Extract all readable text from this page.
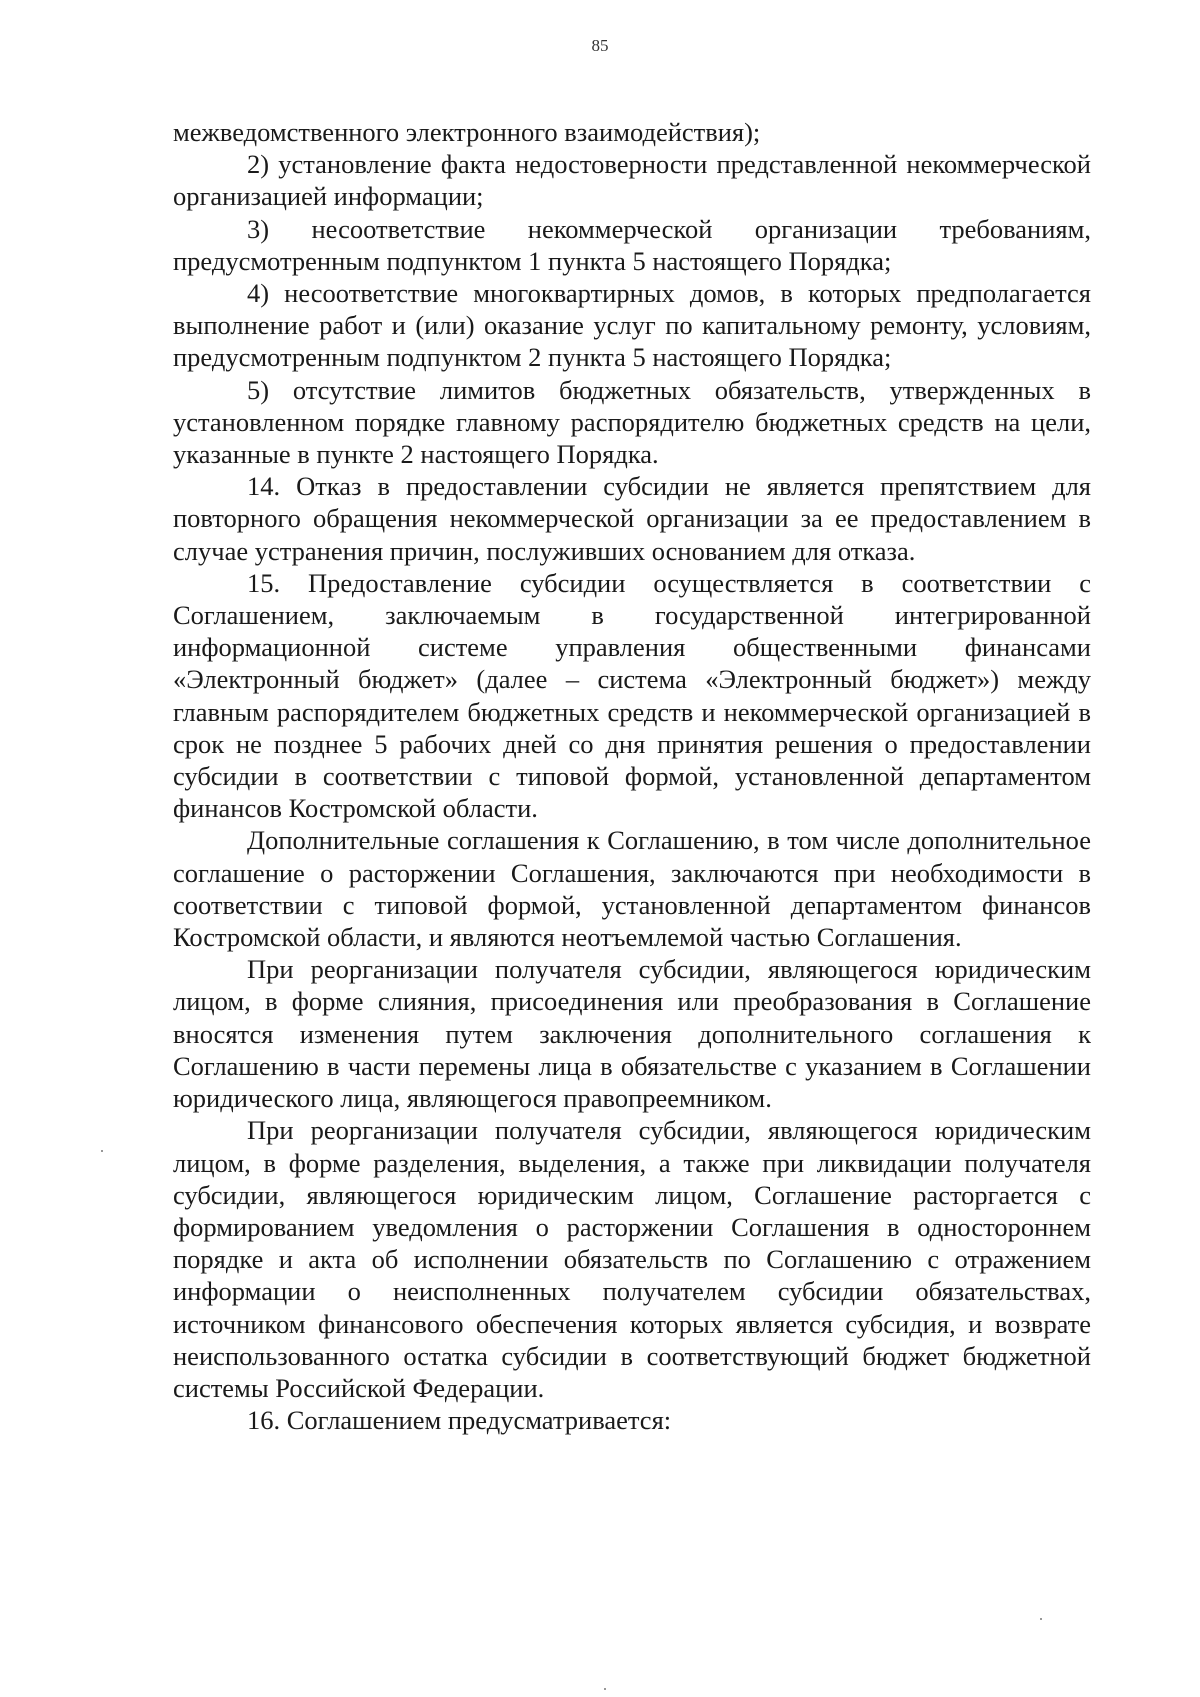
85

межведомственного электронного взаимодействия);

2) установление факта недостоверности представленной некоммерческой организацией информации;

3) несоответствие некоммерческой организации требованиям, предусмотренным подпунктом 1 пункта 5 настоящего Порядка;

4) несоответствие многоквартирных домов, в которых предполагается выполнение работ и (или) оказание услуг по капитальному ремонту, условиям, предусмотренным подпунктом 2 пункта 5 настоящего Порядка;

5) отсутствие лимитов бюджетных обязательств, утвержденных в установленном порядке главному распорядителю бюджетных средств на цели, указанные в пункте 2 настоящего Порядка.

14. Отказ в предоставлении субсидии не является препятствием для повторного обращения некоммерческой организации за ее предоставлением в случае устранения причин, послуживших основанием для отказа.

15. Предоставление субсидии осуществляется в соответствии с Соглашением, заключаемым в государственной интегрированной информационной системе управления общественными финансами «Электронный бюджет» (далее – система «Электронный бюджет») между главным распорядителем бюджетных средств и некоммерческой организацией в срок не позднее 5 рабочих дней со дня принятия решения о предоставлении субсидии в соответствии с типовой формой, установленной департаментом финансов Костромской области.

Дополнительные соглашения к Соглашению, в том числе дополнительное соглашение о расторжении Соглашения, заключаются при необходимости в соответствии с типовой формой, установленной департаментом финансов Костромской области, и являются неотъемлемой частью Соглашения.

При реорганизации получателя субсидии, являющегося юридическим лицом, в форме слияния, присоединения или преобразования в Соглашение вносятся изменения путем заключения дополнительного соглашения к Соглашению в части перемены лица в обязательстве с указанием в Соглашении юридического лица, являющегося правопреемником.

При реорганизации получателя субсидии, являющегося юридическим лицом, в форме разделения, выделения, а также при ликвидации получателя субсидии, являющегося юридическим лицом, Соглашение расторгается с формированием уведомления о расторжении Соглашения в одностороннем порядке и акта об исполнении обязательств по Соглашению с отражением информации о неисполненных получателем субсидии обязательствах, источником финансового обеспечения которых является субсидия, и возврате неиспользованного остатка субсидии в соответствующий бюджет бюджетной системы Российской Федерации.

16. Соглашением предусматривается:
